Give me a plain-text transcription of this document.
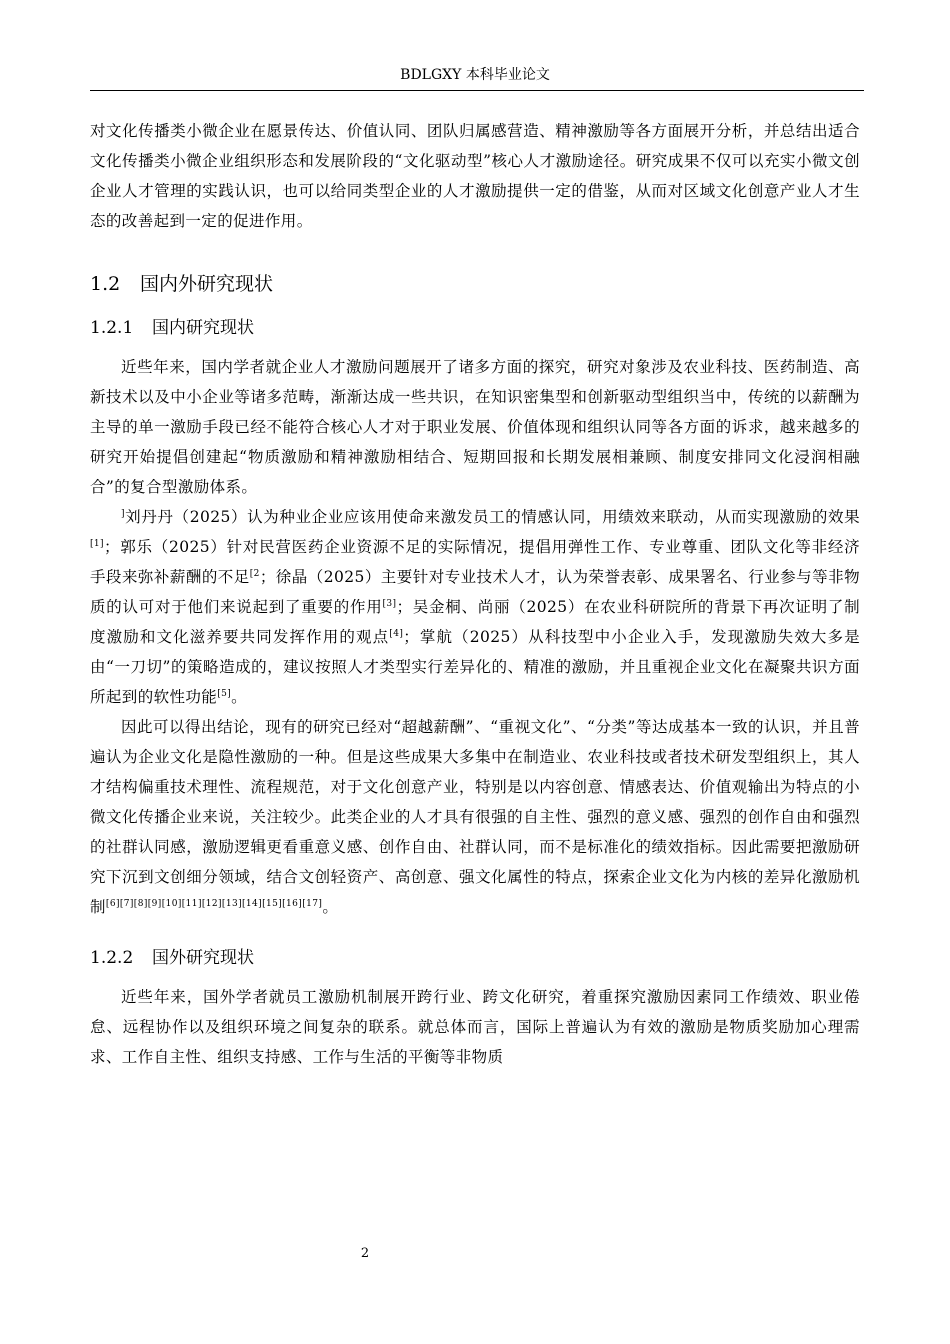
BDLGXY 本科毕业论文

对文化传播类小微企业在愿景传达、价值认同、团队归属感营造、精神激励等各方面展开分析，并总结出适合文化传播类小微企业组织形态和发展阶段的“文化驱动型”核心人才激励途径。研究成果不仅可以充实小微文创企业人才管理的实践认识，也可以给同类型企业的人才激励提供一定的借鉴，从而对区域文化创意产业人才生态的改善起到一定的促进作用。

1.2 国内外研究现状
1.2.1 国内研究现状

近些年来，国内学者就企业人才激励问题展开了诸多方面的探究，研究对象涉及农业科技、医药制造、高新技术以及中小企业等诸多范畴，渐渐达成一些共识，在知识密集型和创新驱动型组织当中，传统的以薪酬为主导的单一激励手段已经不能符合核心人才对于职业发展、价值体现和组织认同等各方面的诉求，越来越多的研究开始提倡创建起“物质激励和精神激励相结合、短期回报和长期发展相兼顾、制度安排同文化浸润相融合”的复合型激励体系。

]刘丹丹（2025）认为种业企业应该用使命来激发员工的情感认同，用绩效来联动，从而实现激励的效果[1]；郭乐（2025）针对民营医药企业资源不足的实际情况，提倡用弹性工作、专业尊重、团队文化等非经济手段来弥补薪酬的不足$^{[2}$；徐晶（2025）主要针对专业技术人才，认为荣誉表彰、成果署名、行业参与等非物质的认可对于他们来说起到了重要的作用[3]；吴金桐、尚丽（2025）在农业科研院所的背景下再次证明了制度激励和文化滋养要共同发挥作用的观点[4]；掌航（2025）从科技型中小企业入手，发现激励失效大多是由“一刀切”的策略造成的，建议按照人才类型实行差异化的、精准的激励，并且重视企业文化在凝聚共识方面所起到的软性功能[5]。

因此可以得出结论，现有的研究已经对“超越薪酬”、“重视文化”、“分类”等达成基本一致的认识，并且普遍认为企业文化是隐性激励的一种。但是这些成果大多集中在制造业、农业科技或者技术研发型组织上，其人才结构偏重技术理性、流程规范，对于文化创意产业，特别是以内容创意、情感表达、价值观输出为特点的小微文化传播企业来说，关注较少。此类企业的人才具有很强的自主性、强烈的意义感、强烈的创作自由和强烈的社群认同感，激励逻辑更看重意义感、创作自由、社群认同，而不是标准化的绩效指标。因此需要把激励研究下沉到文创细分领域，结合文创轻资产、高创意、强文化属性的特点，探索企业文化为内核的差异化激励机制[6][7][8][9][10][11][12][13][14][15][16][17]。

1.2.2 国外研究现状

近些年来，国外学者就员工激励机制展开跨行业、跨文化研究，着重探究激励因素同工作绩效、职业倦怠、远程协作以及组织环境之间复杂的联系。就总体而言，国际上普遍认为有效的激励是物质奖励加心理需求、工作自主性、组织支持感、工作与生活的平衡等非物质

2
